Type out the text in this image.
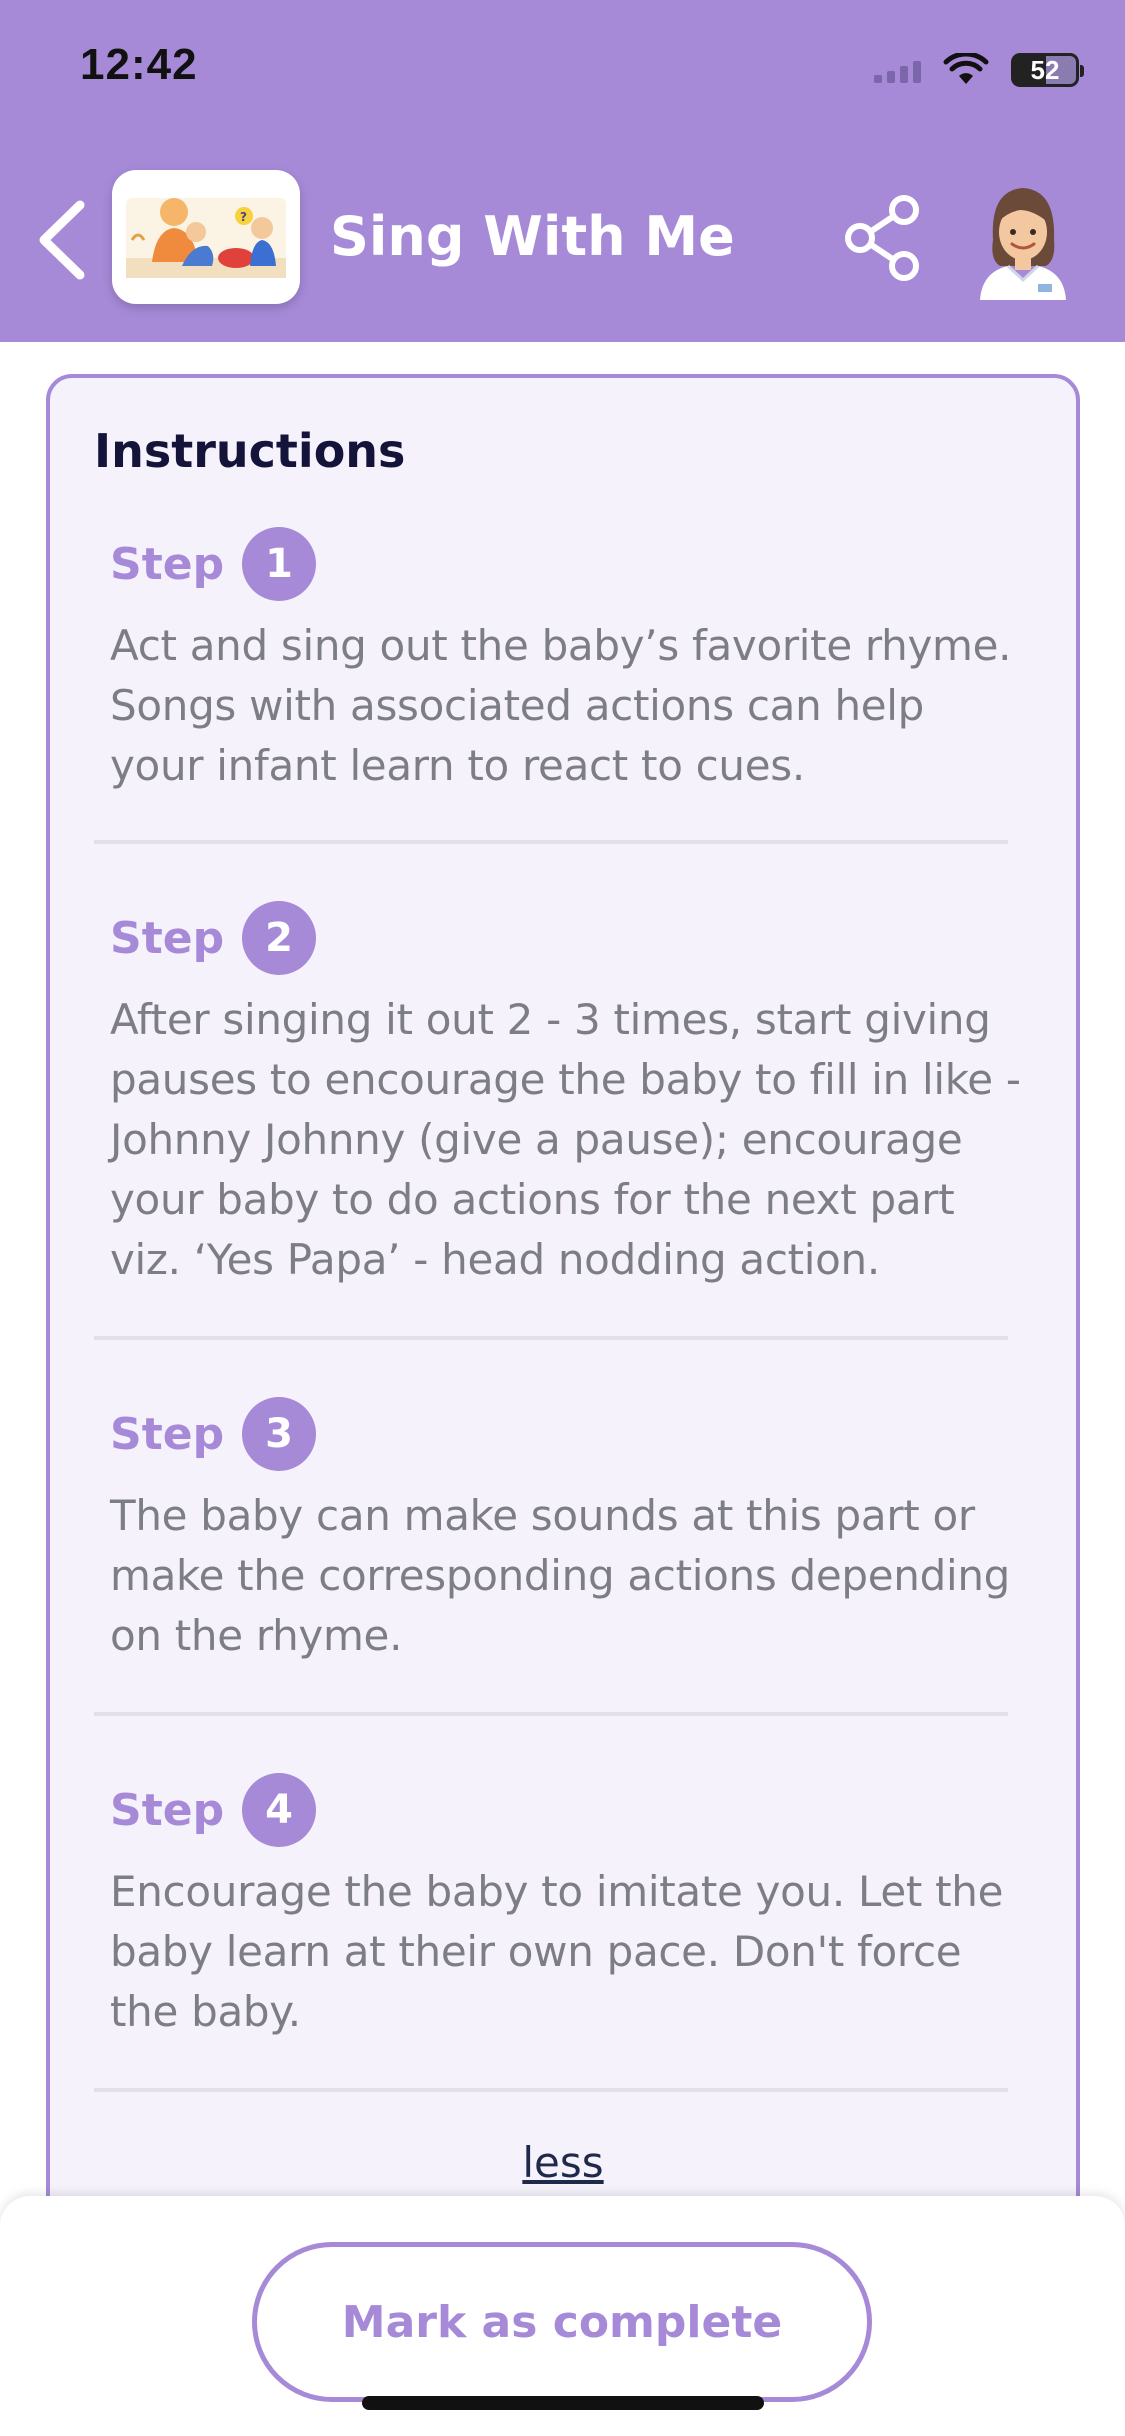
12:42	52
? Sing With Me
Instructions
Step	1
Act and sing out the baby’s favorite rhyme. Songs with associated actions can help your infant learn to react to cues.
Step	2
After singing it out 2 - 3 times, start giving pauses to encourage the baby to fill in like - Johnny Johnny (give a pause); encourage your baby to do actions for the next part viz. ‘Yes Papa’ - head nodding action.
Step	3
The baby can make sounds at this part or make the corresponding actions depending on the rhyme.
Step	4
Encourage the baby to imitate you. Let the baby learn at their own pace. Don't force the baby.
less
Mark as complete
